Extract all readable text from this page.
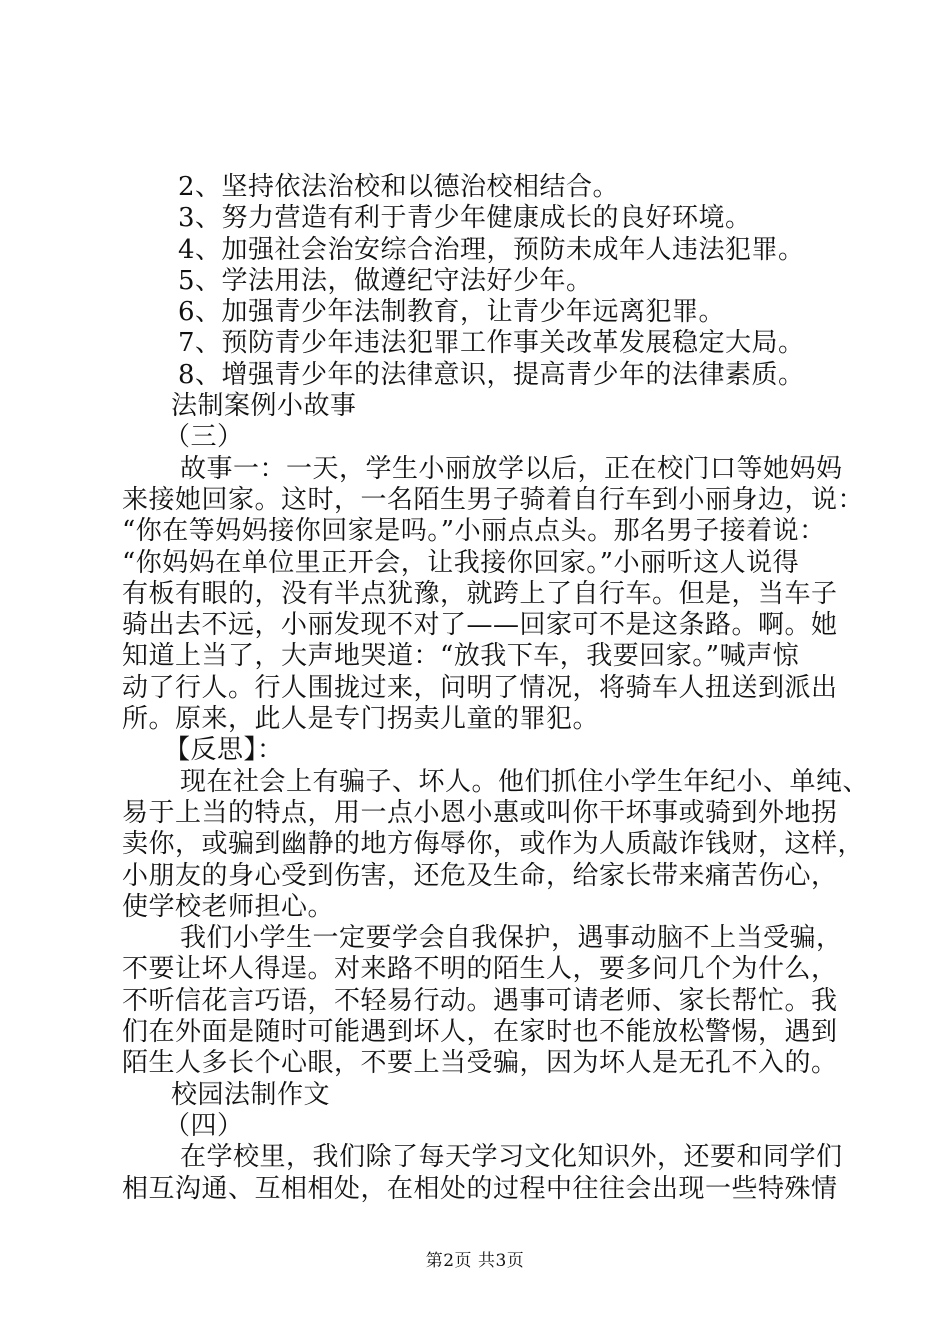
2、坚持依法治校和以德治校相结合。
3、努力营造有利于青少年健康成长的良好环境。
4、加强社会治安综合治理，预防未成年人违法犯罪。
5、学法用法，做遵纪守法好少年。
6、加强青少年法制教育，让青少年远离犯罪。
7、预防青少年违法犯罪工作事关改革发展稳定大局。
8、增强青少年的法律意识，提高青少年的法律素质。
法制案例小故事
（三）
故事一：一天，学生小丽放学以后，正在校门口等她妈妈
来接她回家。这时，一名陌生男子骑着自行车到小丽身边，说：
“你在等妈妈接你回家是吗。”小丽点点头。那名男子接着说：
“你妈妈在单位里正开会，让我接你回家。”小丽听这人说得
有板有眼的，没有半点犹豫，就跨上了自行车。但是，当车子
骑出去不远，小丽发现不对了——回家可不是这条路。啊。她
知道上当了，大声地哭道：“放我下车，我要回家。”喊声惊
动了行人。行人围拢过来，问明了情况，将骑车人扭送到派出
所。原来，此人是专门拐卖儿童的罪犯。
【反思】：
现在社会上有骗子、坏人。他们抓住小学生年纪小、单纯、
易于上当的特点，用一点小恩小惠或叫你干坏事或骑到外地拐
卖你，或骗到幽静的地方侮辱你，或作为人质敲诈钱财，这样，
小朋友的身心受到伤害，还危及生命，给家长带来痛苦伤心，
使学校老师担心。
我们小学生一定要学会自我保护，遇事动脑不上当受骗，
不要让坏人得逞。对来路不明的陌生人，要多问几个为什么，
不听信花言巧语，不轻易行动。遇事可请老师、家长帮忙。我
们在外面是随时可能遇到坏人，在家时也不能放松警惕，遇到
陌生人多长个心眼，不要上当受骗，因为坏人是无孔不入的。
校园法制作文
（四）
在学校里，我们除了每天学习文化知识外，还要和同学们
相互沟通、互相相处，在相处的过程中往往会出现一些特殊情
第2页 共3页
